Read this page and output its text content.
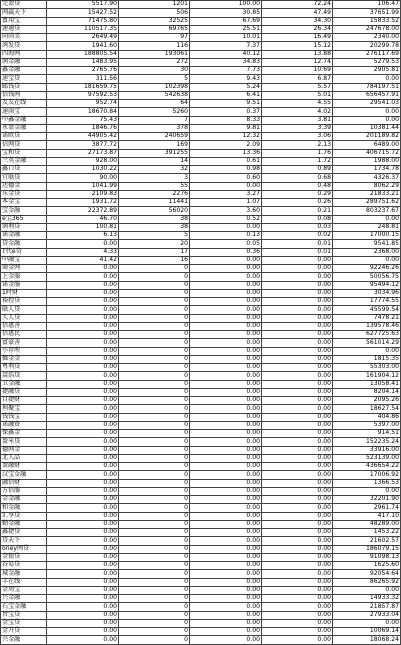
完盈贷	5517.90	1201	100.00	72.24	106.47	
网赢天下	15427.52	506	30.85	47.49	37651.99	
富用宝	71475.80	32525	67.69	34.30	15833.52	
速通贷	110517.35	69765	25.51	26.34	247678.00	
同尚美	2649.49	97	10.01	16.49	2340.00	
鸿发贷	1941.60	116	7.37	15.12	20299.78	
四海网	188805.54	193061	40.12	13.88	276117.69	
润金融	1483.95	272	34.83	12.74	5279.53	
鑫金融	2765.76	30	7.73	10.69	2905.81	
速宝贷	311.56	5	9.43	6.87	0.00	
邮钱贷	181659.75	102398	5.24	5.57	784197.51	
信钱网	97592.53	542638	6.41	5.01	656457.91	
友友在线	952.74	64	9.51	4.55	29541.03	
速雨宝	18670.84	5260	0.37	4.02	0.00	
中鑫金融	75.43	7	8.33	3.81	0.00	
永盈金融	1846.76	378	9.81	3.39	10381.44	
诺欧贷	44905.42	240659	12.32	3.06	201189.82	
信网贷	3877.72	169	2.09	2.13	6489.00	
宝和贷	27173.87	391255	13.36	1.76	406715.72	
兰英金融	928.00	14	0.61	1.72	1988.00	
鑫口贷	1030.22	32	0.98	0.89	1734.78	
宜联贷	90.00	3	0.60	0.68	4326.37	
达德金	1041.99	55	0.00	0.48	8062.29	
东金贷	2109.83	2276	3.27	0.29	21833.21	
本金宝	1931.72	11441	1.07	0.26	289751.62	
宝金融	22372.89	56020	3.60	0.21	803237.67	
e宝365	46.70	38	0.52	0.08	0.00	
润利贷	100.81	38	0.00	0.03	248.81	
诺金融	6.13	5	0.13	0.02	17000.15	
贷金融	0.00	20	0.05	0.01	9541.85	
T代e贷	4.33	17	0.36	0.01	2368.00	
中融宝	41.42	16	0.00	0.00	0.00	
商金网	0.00	0	0.00	0.00	92246.26	
上金服	0.00	0	0.00	0.00	50056.75	
诺金服	0.00	0	0.00	0.00	95494.12	
1时财	0.00	0	0.00	0.00	3034.96	
裕控贷	0.00	0	0.00	0.00	17774.55	
联人贷	0.00	0	0.00	0.00	45599.54	
人人贷	0.00	0	0.00	0.00	7478.21	
信惠善	0.00	0	0.00	0.00	139578.46	
信惠民	0.00	0	0.00	0.00	627725.63	
富豪善	0.00	0	0.00	0.00	561014.29	
小存所	0.00	0	0.00	0.00	0.00	
掘金金	0.00	0	0.00	0.00	1815.35	
粤利贷	0.00	0	0.00	0.00	55303.00	
蒿浩贷	0.00	0	0.00	0.00	161904.12	
卫金融	0.00	0	0.00	0.00	13058.41	
捷融贷	0.00	0	0.00	0.00	8204.14	
目捷财	0.00	0	0.00	0.00	2095.26	
利聚宝	0.00	0	0.00	0.00	18627.54	
钱钱宝	0.00	0	0.00	0.00	404.86	
诺融资	0.00	0	0.00	0.00	5397.00	
保鑫金	0.00	0	0.00	0.00	914.51	
盈米贷	0.00	0	0.00	0.00	152235.24	
德网金	0.00	0	0.00	0.00	33916.00	
北人品	0.00	0	0.00	0.00	523139.00	
盈融财	0.00	0	0.00	0.00	436654.22	
汉宝金融	0.00	0	0.00	0.00	17006.92	
融信财	0.00	0	0.00	0.00	1366.53	
方信服	0.00	0	0.00	0.00	0.00	
金金融	0.00	0	0.00	0.00	32201.90	
和金融	0.00	0	0.00	0.00	2961.74	
汇享贷	0.00	0	0.00	0.00	417.10	
勤金融	0.00	0	0.00	0.00	48289.00	
鑫捷贷	0.00	0	0.00	0.00	1453.22	
贷天下	0.00	0	0.00	0.00	21602.57	
oney网贷	0.00	0	0.00	0.00	186079.15	
金银贷	0.00	0	0.00	0.00	91098.13	
谷易贷	0.00	0	0.00	0.00	1625.60	
城金融	0.00	0	0.00	0.00	92054.64	
丰在线	0.00	0	0.00	0.00	86265.92	
金周宝	0.00	0	0.00	0.00	0.00	
兴金融	0.00	0	0.00	0.00	14933.32	
石宝金融	0.00	0	0.00	0.00	21857.87	
旨宝贷	0.00	0	0.00	0.00	27933.04	
金宝贷	0.00	0	0.00	0.00	0.00	
金升贷	0.00	0	0.00	0.00	10069.14	
兴金融	0.00	0	0.00	0.00	18068.24	
